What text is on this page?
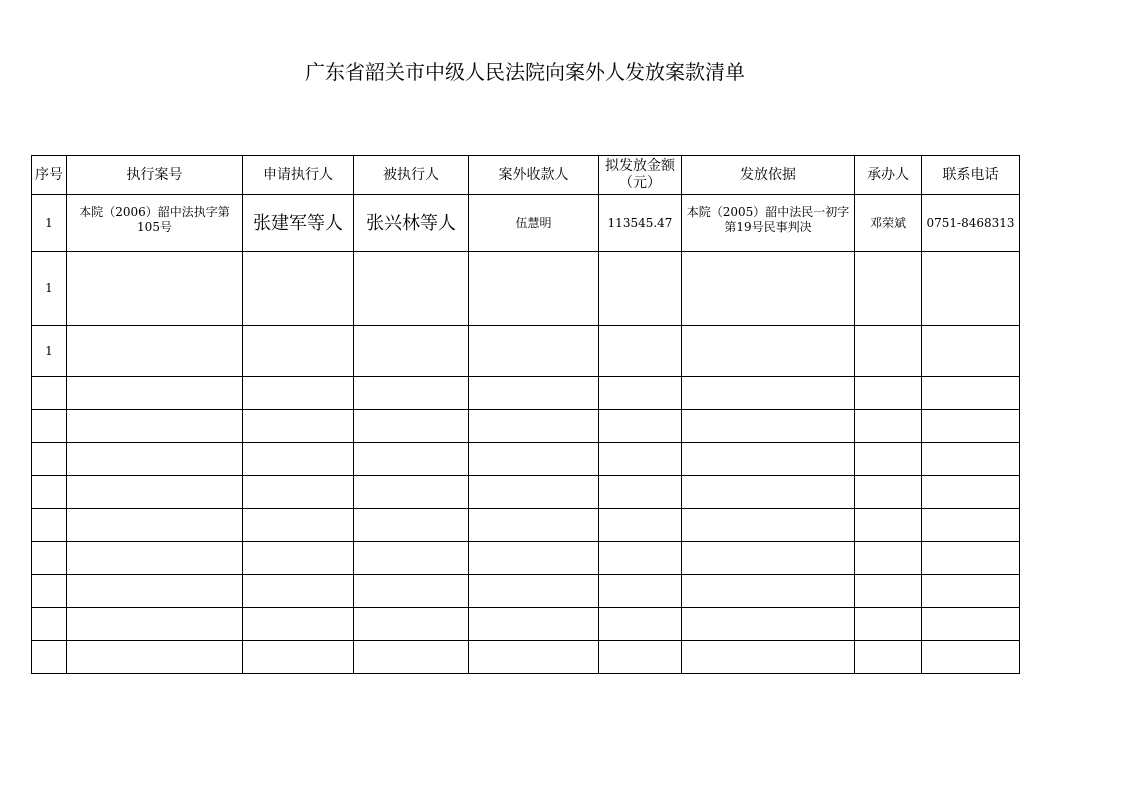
广东省韶关市中级人民法院向案外人发放案款清单
序号	执行案号	申请执行人	被执行人	案外收款人	拟发放金额（元）	发放依据	承办人	联系电话
1	本院（2006）韶中法执字第105号	张建军等人	张兴林等人	伍慧明	113545.47	本院（2005）韶中法民一初字第19号民事判决	邓荣斌	0751-8468313
1								
1								
